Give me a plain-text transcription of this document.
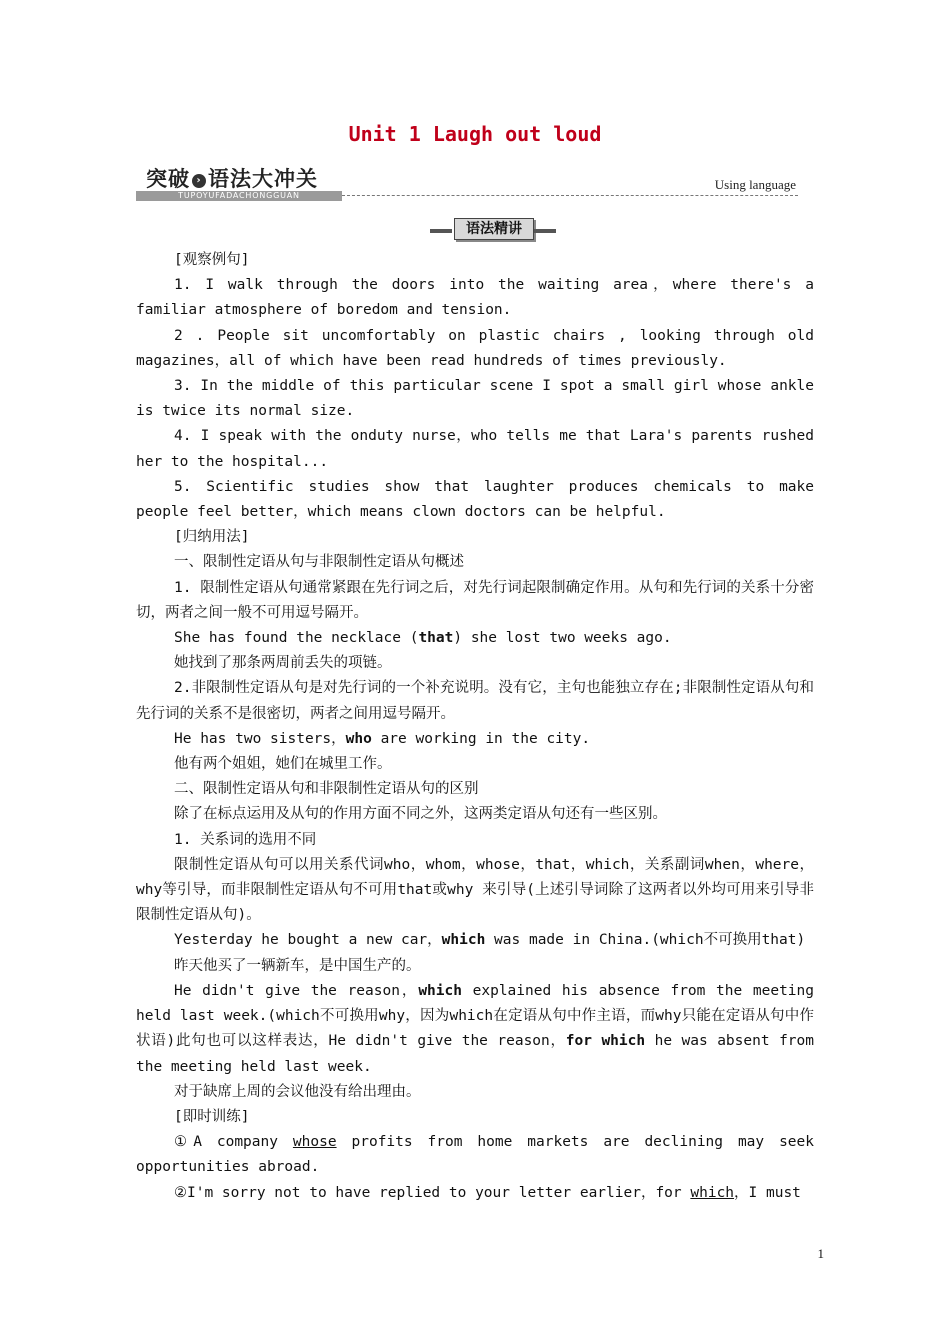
Unit 1 Laugh out loud
突破 › 语法大冲关
TUPOYUFADACHONGGUAN
Using language
语法精讲

[观察例句]

1. I walk through the doors into the waiting area，where there's a familiar atmosphere of boredom and tension.

2 . People sit uncomfortably on plastic chairs , looking through old magazines，all of which have been read hundreds of times previously.

3. In the middle of this particular scene I spot a small girl whose ankle is twice its normal size.

4. I speak with the onduty nurse，who tells me that Lara's parents rushed her to the hospital...

5. Scientific studies show that laughter produces chemicals to make people feel better，which means clown doctors can be helpful.

[归纳用法]

一、限制性定语从句与非限制性定语从句概述

1. 限制性定语从句通常紧跟在先行词之后，对先行词起限制确定作用。从句和先行词的关系十分密切，两者之间一般不可用逗号隔开。

She has found the necklace (that) she lost two weeks ago.

她找到了那条两周前丢失的项链。

2.非限制性定语从句是对先行词的一个补充说明。没有它，主句也能独立存在;非限制性定语从句和先行词的关系不是很密切，两者之间用逗号隔开。

He has two sisters，who are working in the city.

他有两个姐姐，她们在城里工作。

二、限制性定语从句和非限制性定语从句的区别

除了在标点运用及从句的作用方面不同之外，这两类定语从句还有一些区别。

1. 关系词的选用不同

限制性定语从句可以用关系代词who，whom，whose，that，which，关系副词when，where，why等引导，而非限制性定语从句不可用that或why 来引导(上述引导词除了这两者以外均可用来引导非限制性定语从句)。

Yesterday he bought a new car，which was made in China.(which不可换用that)

昨天他买了一辆新车，是中国生产的。

He didn't give the reason，which explained his absence from the meeting held last week.(which不可换用why，因为which在定语从句中作主语，而why只能在定语从句中作状语)此句也可以这样表达，He didn't give the reason，for which he was absent from the meeting held last week.

对于缺席上周的会议他没有给出理由。

[即时训练]

①A company whose profits from home markets are declining may seek opportunities abroad.

②I'm sorry not to have replied to your letter earlier，for which，I must

1
